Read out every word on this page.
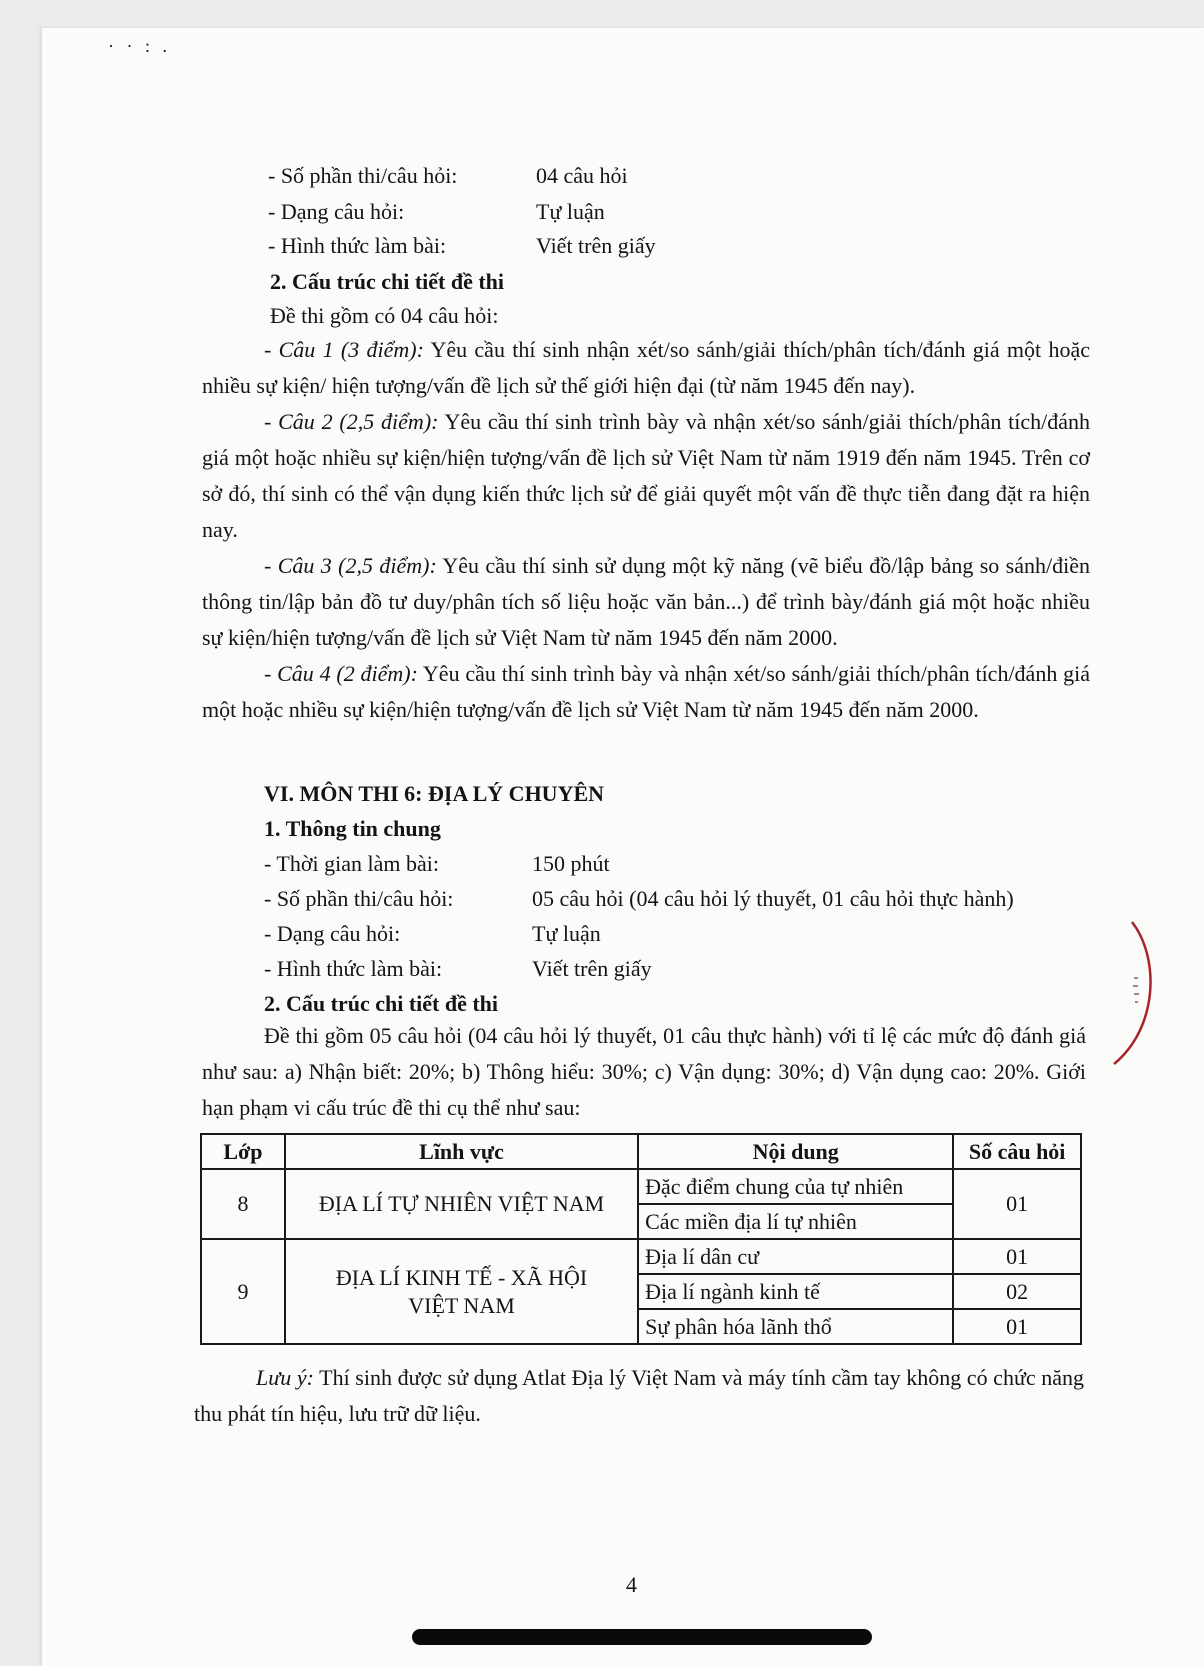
· · : .
- Số phần thi/câu hỏi:	04 câu hỏi
- Dạng câu hỏi:	Tự luận
- Hình thức làm bài:	Viết trên giấy
2. Cấu trúc chi tiết đề thi
Đề thi gồm có 04 câu hỏi:

- Câu 1 (3 điểm): Yêu cầu thí sinh nhận xét/so sánh/giải thích/phân tích/đánh giá một hoặc nhiều sự kiện/ hiện tượng/vấn đề lịch sử thế giới hiện đại (từ năm 1945 đến nay).

- Câu 2 (2,5 điểm): Yêu cầu thí sinh trình bày và nhận xét/so sánh/giải thích/phân tích/đánh giá một hoặc nhiều sự kiện/hiện tượng/vấn đề lịch sử Việt Nam từ năm 1919 đến năm 1945. Trên cơ sở đó, thí sinh có thể vận dụng kiến thức lịch sử để giải quyết một vấn đề thực tiễn đang đặt ra hiện nay.

- Câu 3 (2,5 điểm): Yêu cầu thí sinh sử dụng một kỹ năng (vẽ biểu đồ/lập bảng so sánh/điền thông tin/lập bản đồ tư duy/phân tích số liệu hoặc văn bản...) để trình bày/đánh giá một hoặc nhiều sự kiện/hiện tượng/vấn đề lịch sử Việt Nam từ năm 1945 đến năm 2000.

- Câu 4 (2 điểm): Yêu cầu thí sinh trình bày và nhận xét/so sánh/giải thích/phân tích/đánh giá một hoặc nhiều sự kiện/hiện tượng/vấn đề lịch sử Việt Nam từ năm 1945 đến năm 2000.

VI. MÔN THI 6: ĐỊA LÝ CHUYÊN
1. Thông tin chung
- Thời gian làm bài:	150 phút
- Số phần thi/câu hỏi:	05 câu hỏi (04 câu hỏi lý thuyết, 01 câu hỏi thực hành)
- Dạng câu hỏi:	Tự luận
- Hình thức làm bài:	Viết trên giấy
2. Cấu trúc chi tiết đề thi
Đề thi gồm 05 câu hỏi (04 câu hỏi lý thuyết, 01 câu thực hành) với tỉ lệ các mức độ đánh giá như sau: a) Nhận biết: 20%; b) Thông hiểu: 30%; c) Vận dụng: 30%; d) Vận dụng cao: 20%. Giới hạn phạm vi cấu trúc đề thi cụ thể như sau:
Lớp	Lĩnh vực	Nội dung	Số câu hỏi
8	ĐỊA LÍ TỰ NHIÊN VIỆT NAM	Đặc điểm chung của tự nhiên	01
		Các miền địa lí tự nhiên	
9	ĐỊA LÍ KINH TẾ - XÃ HỘI VIỆT NAM	Địa lí dân cư	01
		Địa lí ngành kinh tế	02
		Sự phân hóa lãnh thổ	01
Lưu ý: Thí sinh được sử dụng Atlat Địa lý Việt Nam và máy tính cầm tay không có chức năng thu phát tín hiệu, lưu trữ dữ liệu.
4
